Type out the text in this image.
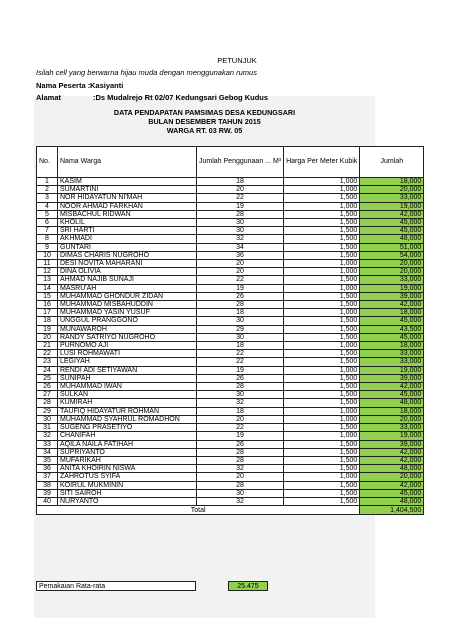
PETUNJUK
Isilah cell yang berwarna hijau muda dengan menggunakan rumus
Nama Peserta : Kasiyanti
Alamat	:Ds Mudalrejo Rt 02/07 Kedungsari Gebog Kudus
DATA PENDAPATAN PAMSIMAS DESA KEDUNGSARI
BULAN DESEMBER TAHUN 2015
WARGA RT. 03 RW. 05
No.	Nama Warga	Jumlah Penggunaan ... M³	Harga Per Meter Kubik	Jumlah
1	KASIM	18	1,000	18,000
2	SUMARTINI	20	1,000	20,000
3	NOR HIDAYATUN NI'MAH	22	1,500	33,000
4	NOOR AHMAD FARKHAN	19	1,000	19,000
5	MISBACHUL RIDWAN	28	1,500	42,000
6	KHOLIL	30	1,500	45,000
7	SRI HARTI	30	1,500	45,000
8	AKHMADI	32	1,500	48,000
9	GUNTARI	34	1,500	51,000
10	DIMAS CHARIS NUGROHO	36	1,500	54,000
11	DESI NOVITA MAHARANI	20	1,000	20,000
12	DINA OLIVIA	20	1,000	20,000
13	AHMAD NAJIB SUNAJI	22	1,500	33,000
14	MASRU'AH	19	1,000	19,000
15	MUHAMMAD GHONDUR ZIDAN	26	1,500	39,000
16	MUHAMMAD MISBAHUDDIN	28	1,500	42,000
17	MUHAMMAD YASIN YUSUF	18	1,000	18,000
18	UNGGUL PRANGGONO	30	1,500	45,000
19	MUNAWAROH	29	1,500	43,500
20	RANDY SATRIYO NUGROHO	30	1,500	45,000
21	PURNOMO AJI	18	1,000	18,000
22	LUSI ROHMAWATI	22	1,500	33,000
23	LEGIYAH	22	1,500	33,000
24	RENDI ADI SETIYAWAN	19	1,000	19,000
25	SUNIPAH	26	1,500	39,000
26	MUHAMMAD IWAN	28	1,500	42,000
27	SULKAN	30	1,500	45,000
28	KUMIRAH	32	1,500	48,000
29	TAUFIQ HIDAYATUR ROHMAN	18	1,000	18,000
30	MUHAMMAD SYAHRUL ROMADHON	20	1,000	20,000
31	SUGENG PRASETIYO	22	1,500	33,000
32	CHANIFAH	19	1,000	19,000
33	AQILA NAILA FATIHAH	26	1,500	39,000
34	SUPRIYANTO	28	1,500	42,000
35	MUFARIKAH	28	1,500	42,000
36	ANITA KHOIRIN NISWA	32	1,500	48,000
37	ZAHROTUS SYIFA	20	1,000	20,000
38	KOIRUL MUKMININ	28	1,500	42,000
39	SITI SAIROH	30	1,500	45,000
40	NURYANTO	32	1,500	48,000
Total				1,404,500
Pemakaian Rata-rata	25.475
